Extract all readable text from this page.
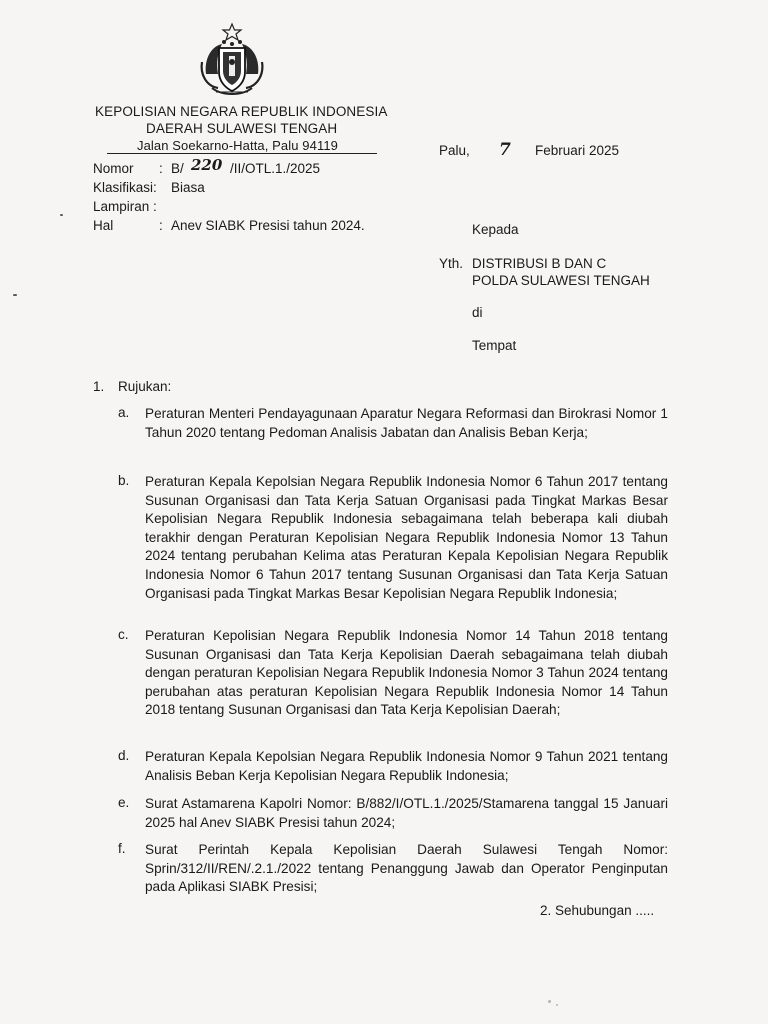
KEPOLISIAN NEGARA REPUBLIK INDONESIA
DAERAH SULAWESI TENGAH
Jalan Soekarno-Hatta, Palu 94119	Palu, 7 Februari 2025
Nomor : B/ 220 /II/OTL.1./2025
Klasifikasi: Biasa
Lampiran :
Hal	: Anev SIABK Presisi tahun 2024.	Kepada
Yth. DISTRIBUSI B DAN C
POLDA SULAWESI TENGAH
di
Tempat
1. Rujukan:
a. Peraturan Menteri Pendayagunaan Aparatur Negara Reformasi dan Birokrasi Nomor 1 Tahun 2020 tentang Pedoman Analisis Jabatan dan Analisis Beban Kerja;
b. Peraturan Kepala Kepolsian Negara Republik Indonesia Nomor 6 Tahun 2017 tentang Susunan Organisasi dan Tata Kerja Satuan Organisasi pada Tingkat Markas Besar Kepolisian Negara Republik Indonesia sebagaimana telah beberapa kali diubah terakhir dengan Peraturan Kepolisian Negara Republik Indonesia Nomor 13 Tahun 2024 tentang perubahan Kelima atas Peraturan Kepala Kepolisian Negara Republik Indonesia Nomor 6 Tahun 2017 tentang Susunan Organisasi dan Tata Kerja Satuan Organisasi pada Tingkat Markas Besar Kepolisian Negara Republik Indonesia;
c. Peraturan Kepolisian Negara Republik Indonesia Nomor 14 Tahun 2018 tentang Susunan Organisasi dan Tata Kerja Kepolisian Daerah sebagaimana telah diubah dengan peraturan Kepolisian Negara Republik Indonesia Nomor 3 Tahun 2024 tentang perubahan atas peraturan Kepolisian Negara Republik Indonesia Nomor 14 Tahun 2018 tentang Susunan Organisasi dan Tata Kerja Kepolisian Daerah;
d. Peraturan Kepala Kepolsian Negara Republik Indonesia Nomor 9 Tahun 2021 tentang Analisis Beban Kerja Kepolisian Negara Republik Indonesia;
e. Surat Astamarena Kapolri Nomor: B/882/I/OTL.1./2025/Stamarena tanggal 15 Januari 2025 hal Anev SIABK Presisi tahun 2024;
f. Surat Perintah Kepala Kepolisian Daerah Sulawesi Tengah Nomor: Sprin/312/II/REN/.2.1./2022 tentang Penanggung Jawab dan Operator Penginputan pada Aplikasi SIABK Presisi;
2. Sehubungan .....
